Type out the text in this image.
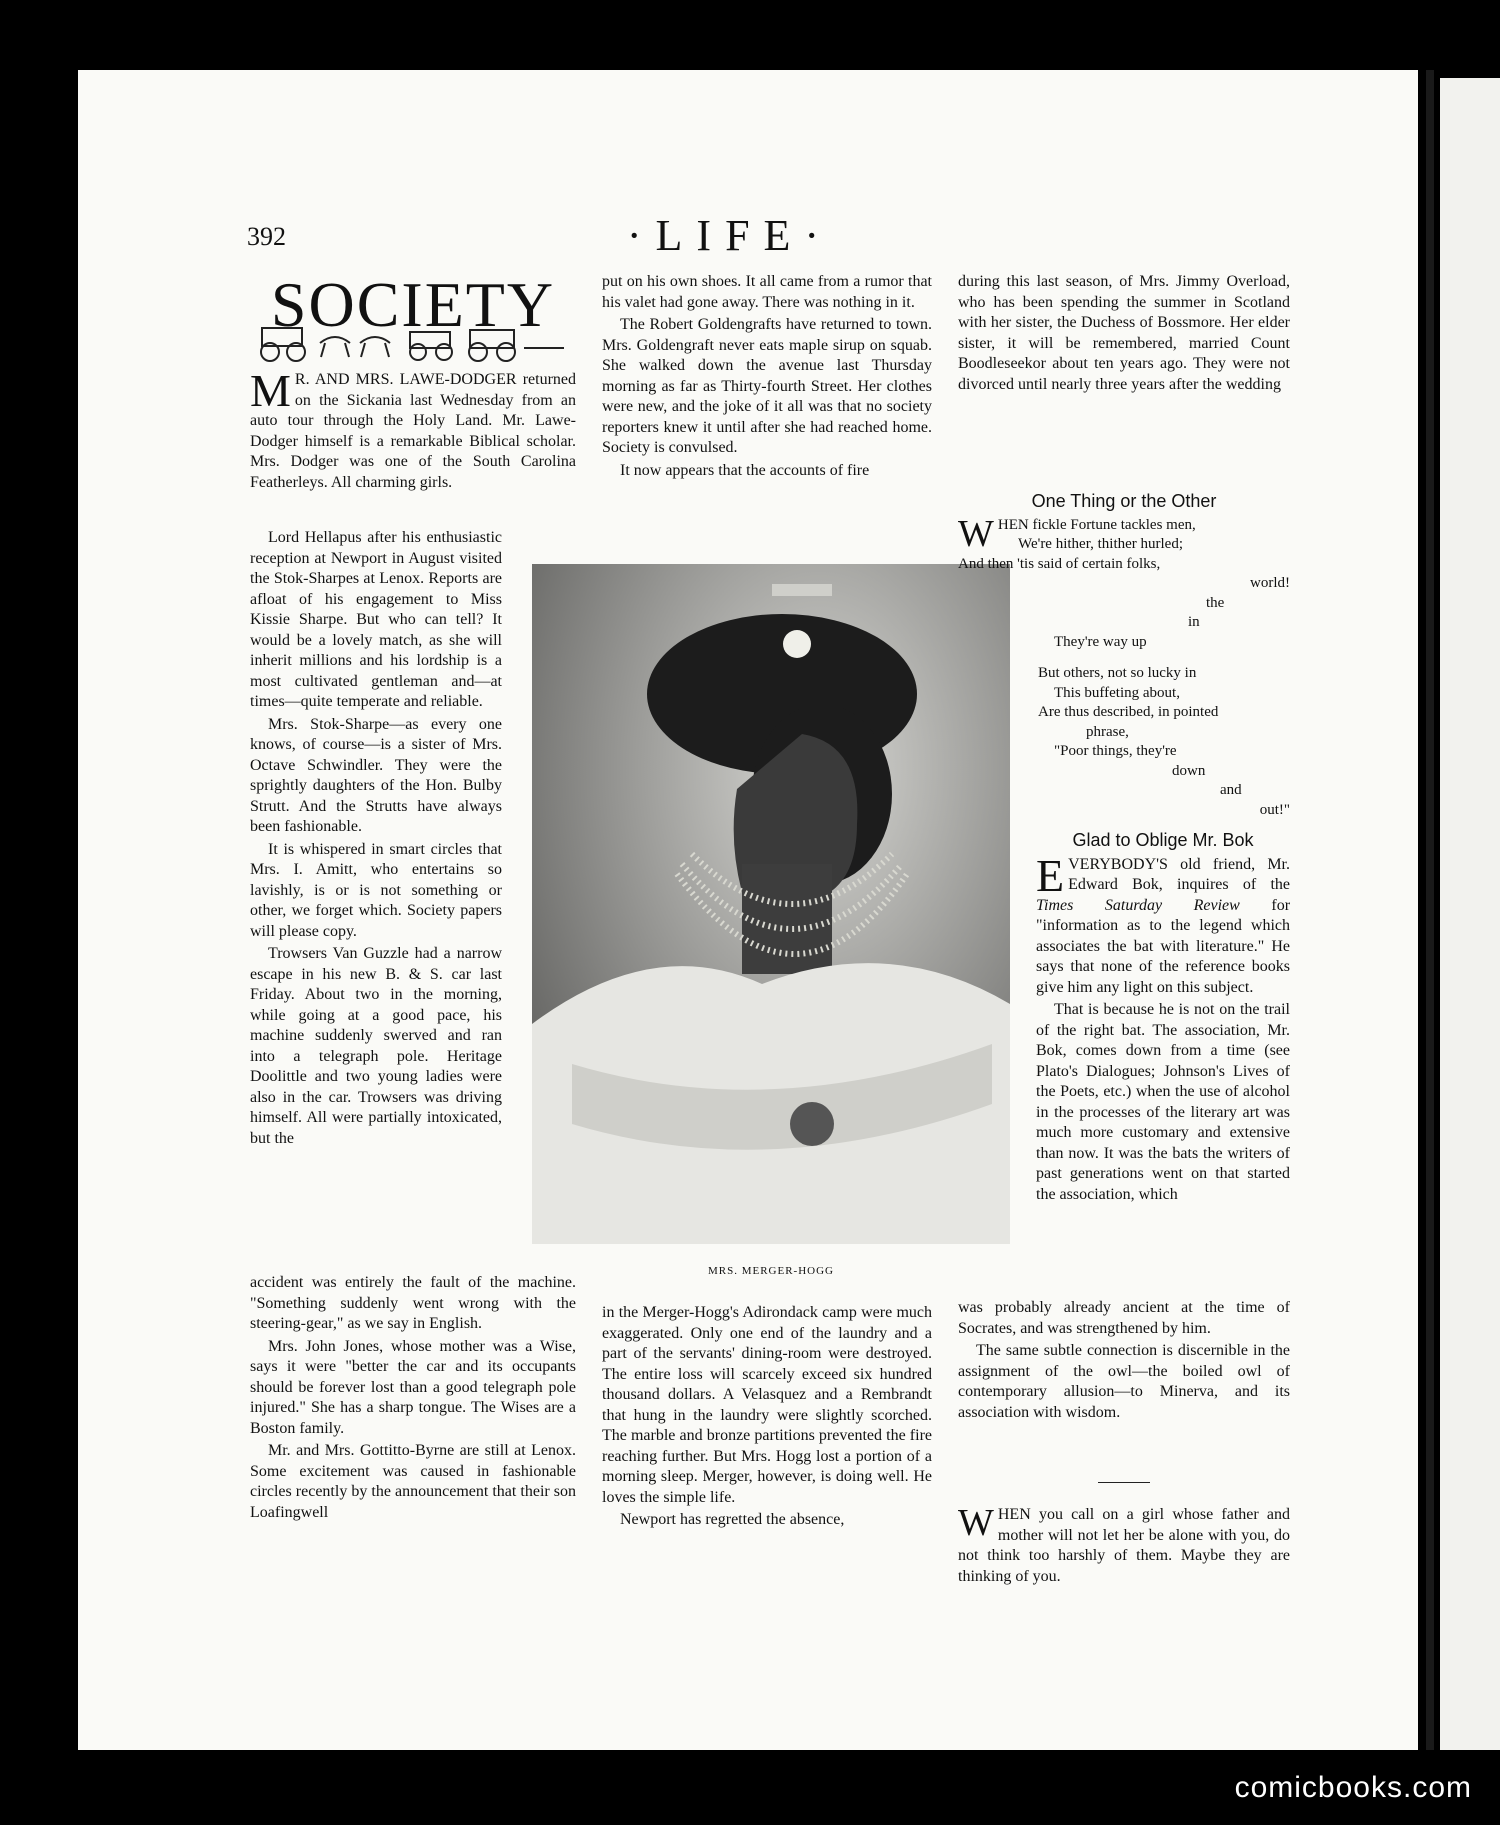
392	·LIFE·
SOCIETY

M R. AND MRS. LAWE-DODGER returned on the Sickania last Wednesday from an auto tour through the Holy Land. Mr. Lawe-Dodger himself is a remarkable Biblical scholar. Mrs. Dodger was one of the South Carolina Featherleys. All charming girls.

Lord Hellapus after his enthusiastic reception at Newport in August visited the Stok-Sharpes at Lenox. Reports are afloat of his engagement to Miss Kissie Sharpe. But who can tell? It would be a lovely match, as she will inherit millions and his lordship is a most cultivated gentleman and—at times—quite temperate and reliable.

Mrs. Stok-Sharpe—as every one knows, of course—is a sister of Mrs. Octave Schwindler. They were the sprightly daughters of the Hon. Bulby Strutt. And the Strutts have always been fashionable.

It is whispered in smart circles that Mrs. I. Amitt, who entertains so lavishly, is or is not something or other, we forget which. Society papers will please copy.

Trowsers Van Guzzle had a narrow escape in his new B. & S. car last Friday. About two in the morning, while going at a good pace, his machine suddenly swerved and ran into a telegraph pole. Heritage Doolittle and two young ladies were also in the car. Trowsers was driving himself. All were partially intoxicated, but the

accident was entirely the fault of the machine. "Something suddenly went wrong with the steering-gear," as we say in English.

Mrs. John Jones, whose mother was a Wise, says it were "better the car and its occupants should be forever lost than a good telegraph pole injured." She has a sharp tongue. The Wises are a Boston family.

Mr. and Mrs. Gottitto-Byrne are still at Lenox. Some excitement was caused in fashionable circles recently by the announcement that their son Loafingwell

put on his own shoes. It all came from a rumor that his valet had gone away. There was nothing in it.

The Robert Goldengrafts have returned to town. Mrs. Goldengraft never eats maple sirup on squab. She walked down the avenue last Thursday morning as far as Thirty-fourth Street. Her clothes were new, and the joke of it all was that no society reporters knew it until after she had reached home. Society is convulsed.

It now appears that the accounts of fire

MRS. MERGER-HOGG

in the Merger-Hogg's Adirondack camp were much exaggerated. Only one end of the laundry and a part of the servants' dining-room were destroyed. The entire loss will scarcely exceed six hundred thousand dollars. A Velasquez and a Rembrandt that hung in the laundry were slightly scorched. The marble and bronze partitions prevented the fire reaching further. But Mrs. Hogg lost a portion of a morning sleep. Merger, however, is doing well. He loves the simple life.

Newport has regretted the absence,

during this last season, of Mrs. Jimmy Overload, who has been spending the summer in Scotland with her sister, the Duchess of Bossmore. Her elder sister, it will be remembered, married Count Boodleseekor about ten years ago. They were not divorced until nearly three years after the wedding

One Thing or the Other
WHEN fickle Fortune tackles men,
We're hither, thither hurled;
And then 'tis said of certain folks,
world!
the
in
They're way up
But others, not so lucky in
This buffeting about,
Are thus described, in pointed
phrase,
"Poor things, they're
down
and
out!"
Glad to Oblige Mr. Bok

EVERYBODY'S old friend, Mr. Edward Bok, inquires of the Times Saturday Review for "information as to the legend which associates the bat with literature." He says that none of the reference books give him any light on this subject.

That is because he is not on the trail of the right bat. The association, Mr. Bok, comes down from a time (see Plato's Dialogues; Johnson's Lives of the Poets, etc.) when the use of alcohol in the processes of the literary art was much more customary and extensive than now. It was the bats the writers of past generations went on that started the association, which

was probably already ancient at the time of Socrates, and was strengthened by him.

The same subtle connection is discernible in the assignment of the owl—the boiled owl of contemporary allusion—to Minerva, and its association with wisdom.

WHEN you call on a girl whose father and mother will not let her be alone with you, do not think too harshly of them. Maybe they are thinking of you.

comicbooks.com
